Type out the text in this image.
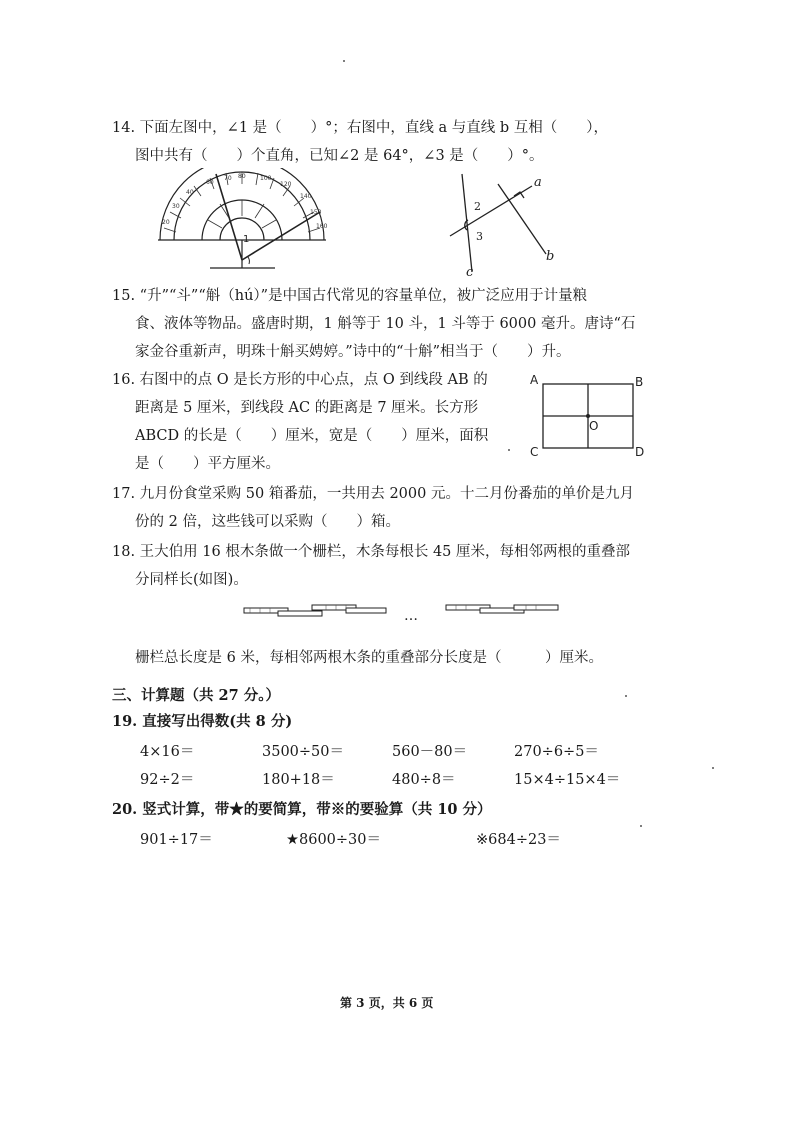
14. 下面左图中，∠1 是（　　）°；右图中，直线 a 与直线 b 互相（　　），
图中共有（　　）个直角，已知∠2 是 64°，∠3 是（　　）°。
20
30
40
60
70 80 100
120
140
150
160
1
a
b
c
2
3
15. “升”“斗”“斛（hú）”是中国古代常见的容量单位，被广泛应用于计量粮
食、液体等物品。盛唐时期，1 斛等于 10 斗，1 斗等于 6000 毫升。唐诗“石
家金谷重新声，明珠十斛买娉婷。”诗中的“十斛”相当于（　　）升。
16. 右图中的点 O 是长方形的中心点，点 O 到线段 AB 的
距离是 5 厘米，到线段 AC 的距离是 7 厘米。长方形
ABCD 的长是（　　）厘米，宽是（　　）厘米，面积
是（　　）平方厘米。
A	B
C	D
O
17. 九月份食堂采购 50 箱番茄，一共用去 2000 元。十二月份番茄的单价是九月
份的 2 倍，这些钱可以采购（　　）箱。
18. 王大伯用 16 根木条做一个栅栏，木条每根长 45 厘米，每相邻两根的重叠部
分同样长(如图)。
…
栅栏总长度是 6 米，每相邻两根木条的重叠部分长度是（　　　）厘米。
三、计算题（共 27 分。）
19. 直接写出得数(共 8 分)
4×16＝	3500÷50＝	560－80＝	270÷6÷5＝
92÷2＝	180+18＝	480÷8＝	15×4÷15×4＝
20. 竖式计算，带★的要简算，带※的要验算（共 10 分）
901÷17＝	★8600÷30＝	※684÷23＝
第 3 页，共 6 页
